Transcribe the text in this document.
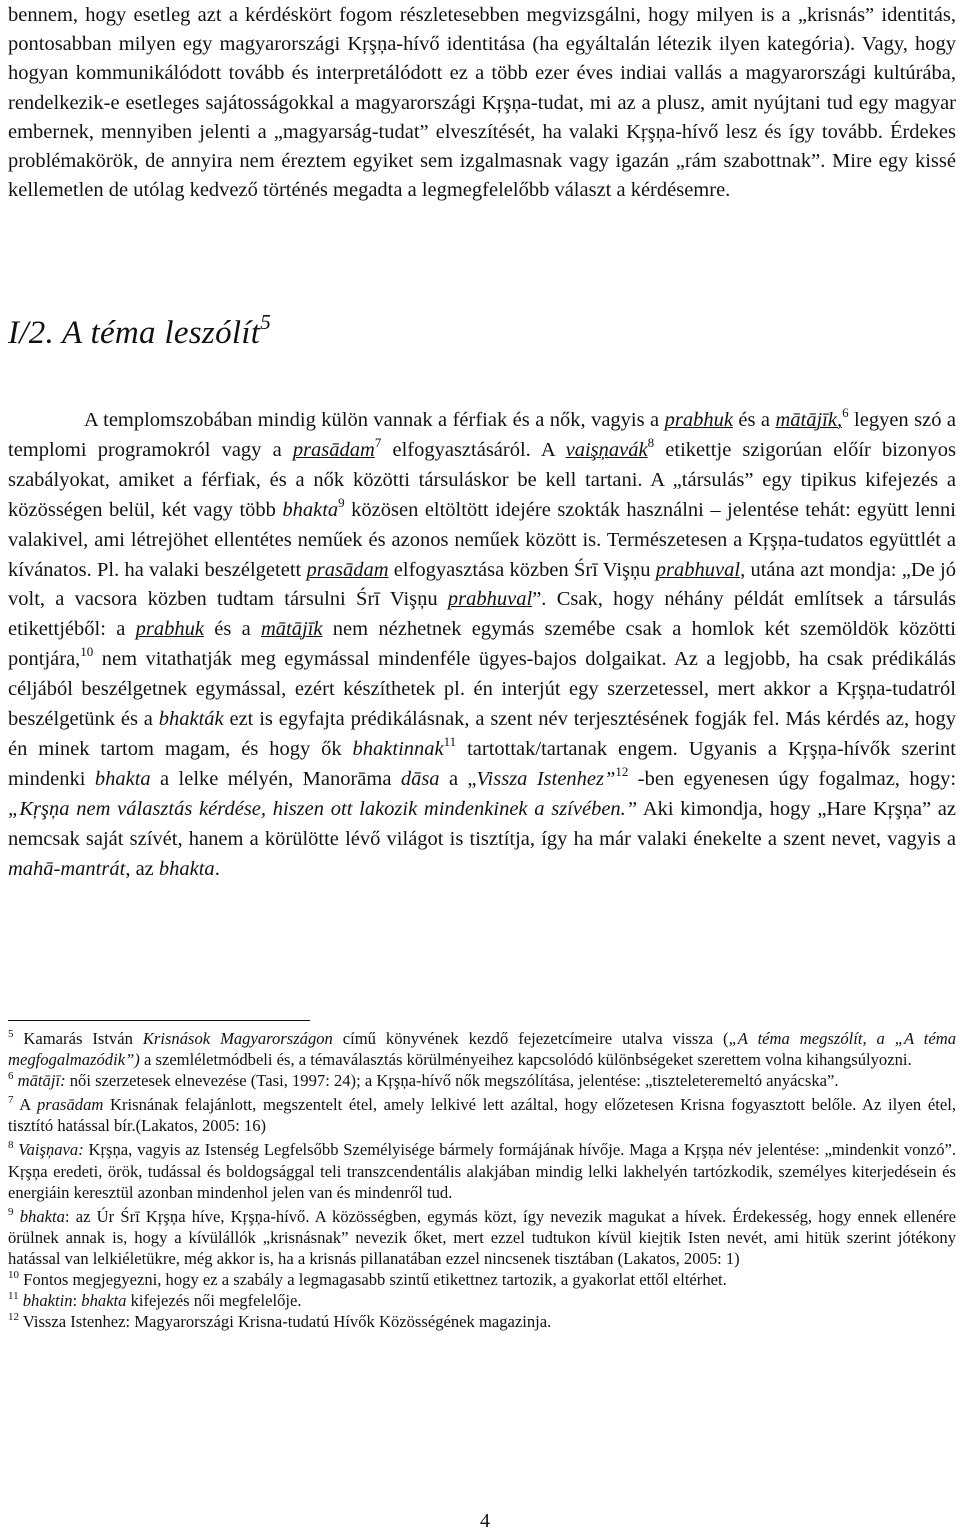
bennem, hogy esetleg azt a kérdéskört fogom részletesebben megvizsgálni, hogy milyen is a „krisnás” identitás, pontosabban milyen egy magyarországi Kŗşņa-hívő identitása (ha egyáltalán létezik ilyen kategória). Vagy, hogy hogyan kommunikálódott tovább és interpretálódott ez a több ezer éves indiai vallás a magyarországi kultúrába, rendelkezik-e esetleges sajátosságokkal a magyarországi Kŗşņa-tudat, mi az a plusz, amit nyújtani tud egy magyar embernek, mennyiben jelenti a „magyarság-tudat” elveszítését, ha valaki Kŗşņa-hívő lesz és így tovább. Érdekes problémakörök, de annyira nem éreztem egyiket sem izgalmasnak vagy igazán „rám szabottnak”. Mire egy kissé kellemetlen de utólag kedvező történés megadta a legmegfelelőbb választ a kérdésemre.

I/2. A téma leszólít$^5$

A templomszobában mindig külön vannak a férfiak és a nők, vagyis a prabhuk és a mātājīk,$^6$ legyen szó a templomi programokról vagy a prasādam$^7$ elfogyasztásáról. A vaişņavák$^8$ etikettje szigorúan előír bizonyos szabályokat, amiket a férfiak, és a nők közötti társuláskor be kell tartani. A „társulás” egy tipikus kifejezés a közösségen belül, két vagy több bhakta$^9$ közösen eltöltött idejére szokták használni – jelentése tehát: együtt lenni valakivel, ami létrejöhet ellentétes neműek és azonos neműek között is. Természetesen a Kŗşņa-tudatos együttlét a kívánatos. Pl. ha valaki beszélgetett prasādam elfogyasztása közben Śrī Vişņu prabhuval, utána azt mondja: „De jó volt, a vacsora közben tudtam társulni Śrī Vişņu prabhuval”. Csak, hogy néhány példát említsek a társulás etikettjéből: a prabhuk és a mātājīk nem nézhetnek egymás szemébe csak a homlok két szemöldök közötti pontjára,$^{10}$ nem vitathatják meg egymással mindenféle ügyes-bajos dolgaikat. Az a legjobb, ha csak prédikálás céljából beszélgetnek egymással, ezért készíthetek pl. én interjút egy szerzetessel, mert akkor a Kŗşņa-tudatról beszélgetünk és a bhakták ezt is egyfajta prédikálásnak, a szent név terjesztésének fogják fel. Más kérdés az, hogy én minek tartom magam, és hogy ők bhaktinnak$^{11}$ tartottak/tartanak engem. Ugyanis a Kŗşņa-hívők szerint mindenki bhakta a lelke mélyén, Manorāma dāsa a „Vissza Istenhez”$^{12}$ -ben egyenesen úgy fogalmaz, hogy: „Kŗşņa nem választás kérdése, hiszen ott lakozik mindenkinek a szívében.” Aki kimondja, hogy „Hare Kŗşņa” az nemcsak saját szívét, hanem a körülötte lévő világot is tisztítja, így ha már valaki énekelte a szent nevet, vagyis a mahā-mantrát, az bhakta.

$^5$ Kamarás István Krisnások Magyarországon című könyvének kezdő fejezetcímeire utalva vissza („A téma megszólít, a „A téma megfogalmazódik”) a szemléletmódbeli és, a témaválasztás körülményeihez kapcsolódó különbségeket szerettem volna kihangsúlyozni.

$^6$ mātājī: női szerzetesek elnevezése (Tasi, 1997: 24); a Kŗşņa-hívő nők megszólítása, jelentése: „tiszteleteremeltó anyácska”.

$^7$ A prasādam Krisnának felajánlott, megszentelt étel, amely lelkivé lett azáltal, hogy előzetesen Krisna fogyasztott belőle. Az ilyen étel, tisztító hatással bír.(Lakatos, 2005: 16)

$^8$ Vaişņava: Kŗşņa, vagyis az Istenség Legfelsőbb Személyisége bármely formájának hívője. Maga a Kŗşņa név jelentése: „mindenkit vonzó”. Kŗşņa eredeti, örök, tudással és boldogsággal teli transzcendentális alakjában mindig lelki lakhelyén tartózkodik, személyes kiterjedésein és energiáin keresztül azonban mindenhol jelen van és mindenről tud.

$^9$ bhakta: az Úr Śrī Kŗşņa híve, Kŗşņa-hívő. A közösségben, egymás közt, így nevezik magukat a hívek. Érdekesség, hogy ennek ellenére örülnek annak is, hogy a kívülállók „krisnásnak” nevezik őket, mert ezzel tudtukon kívül kiejtik Isten nevét, ami hitük szerint jótékony hatással van lelkiéletükre, még akkor is, ha a krisnás pillanatában ezzel nincsenek tisztában (Lakatos, 2005: 1)

$^{10}$ Fontos megjegyezni, hogy ez a szabály a legmagasabb szintű etikettnez tartozik, a gyakorlat ettől eltérhet.

$^{11}$ bhaktin: bhakta kifejezés női megfelelője.

$^{12}$ Vissza Istenhez: Magyarországi Krisna-tudatú Hívők Közösségének magazinja.

4
